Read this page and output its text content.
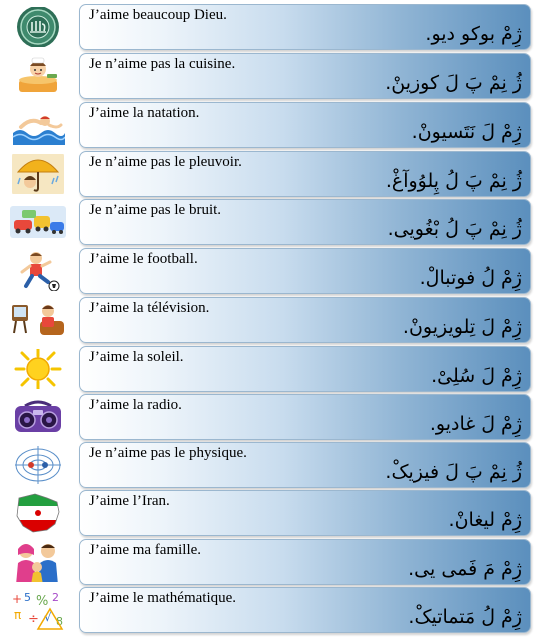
J’aime beaucoup Dieu.
ژِمْ بوکو دیو.
Je n’aime pas la cuisine.
ژُ نِمْ پَ لَ کوزینْ.
J’aime la natation.
ژِمْ لَ نَتَسیونْ.
Je n’aime pas le pleuvoir.
ژُ نِمْ پَ لُ پِلوُوآغْ.
Je n’aime pas le bruit.
ژُ نِمْ پَ لُ بْغُویی.
J’aime le football.
ژِمْ لُ فوتبالْ.
J’aime la télévision.
ژِمْ لَ تِلویزیونْ.
J’aime la soleil.
ژِمْ لَ سُلِیْ.
J’aime la radio.
ژِمْ لَ غادیو.
Je n’aime pas le physique.
ژُ نِمْ پَ لَ فیزیکْ.
J’aime l’Iran.
ژِمْ لیغانْ.
J’aime ma famille.
ژِمْ مَ فَمی یی.
+ 5 % 2
π ÷ √ 8
J’aime le mathématique.
ژِمْ لُ مَتماتیکْ.
